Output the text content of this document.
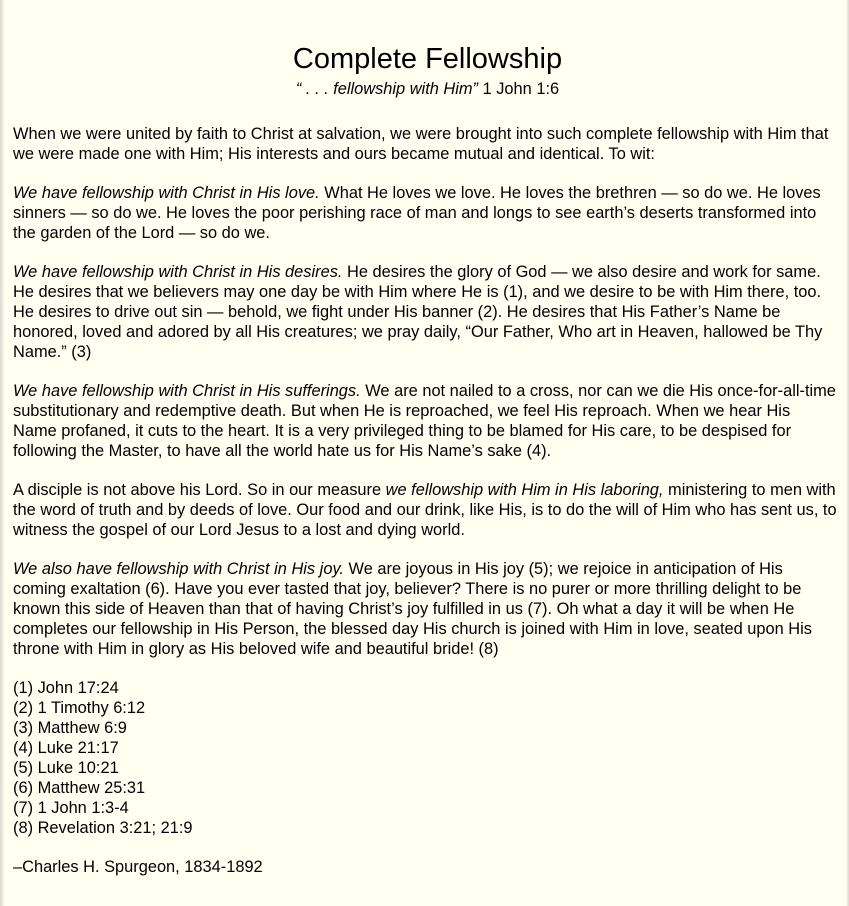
Complete Fellowship
“ . . . fellowship with Him” 1 John 1:6

When we were united by faith to Christ at salvation, we were brought into such complete fellowship with Him that we were made one with Him; His interests and ours became mutual and identical. To wit:

We have fellowship with Christ in His love. What He loves we love. He loves the brethren — so do we. He loves sinners — so do we. He loves the poor perishing race of man and longs to see earth’s deserts transformed into the garden of the Lord — so do we.

We have fellowship with Christ in His desires. He desires the glory of God — we also desire and work for same. He desires that we believers may one day be with Him where He is (1), and we desire to be with Him there, too. He desires to drive out sin — behold, we fight under His banner (2). He desires that His Father’s Name be honored, loved and adored by all His creatures; we pray daily, “Our Father, Who art in Heaven, hallowed be Thy Name.” (3)

We have fellowship with Christ in His sufferings. We are not nailed to a cross, nor can we die His once-for-all-time substitutionary and redemptive death. But when He is reproached, we feel His reproach. When we hear His Name profaned, it cuts to the heart. It is a very privileged thing to be blamed for His care, to be despised for following the Master, to have all the world hate us for His Name’s sake (4).

A disciple is not above his Lord. So in our measure we fellowship with Him in His laboring, ministering to men with the word of truth and by deeds of love. Our food and our drink, like His, is to do the will of Him who has sent us, to witness the gospel of our Lord Jesus to a lost and dying world.

We also have fellowship with Christ in His joy. We are joyous in His joy (5); we rejoice in anticipation of His coming exaltation (6). Have you ever tasted that joy, believer? There is no purer or more thrilling delight to be known this side of Heaven than that of having Christ’s joy fulfilled in us (7). Oh what a day it will be when He completes our fellowship in His Person, the blessed day His church is joined with Him in love, seated upon His throne with Him in glory as His beloved wife and beautiful bride! (8)

(1) John 17:24
(2) 1 Timothy 6:12
(3) Matthew 6:9
(4) Luke 21:17
(5) Luke 10:21
(6) Matthew 25:31
(7) 1 John 1:3-4
(8) Revelation 3:21; 21:9

–Charles H. Spurgeon, 1834-1892
